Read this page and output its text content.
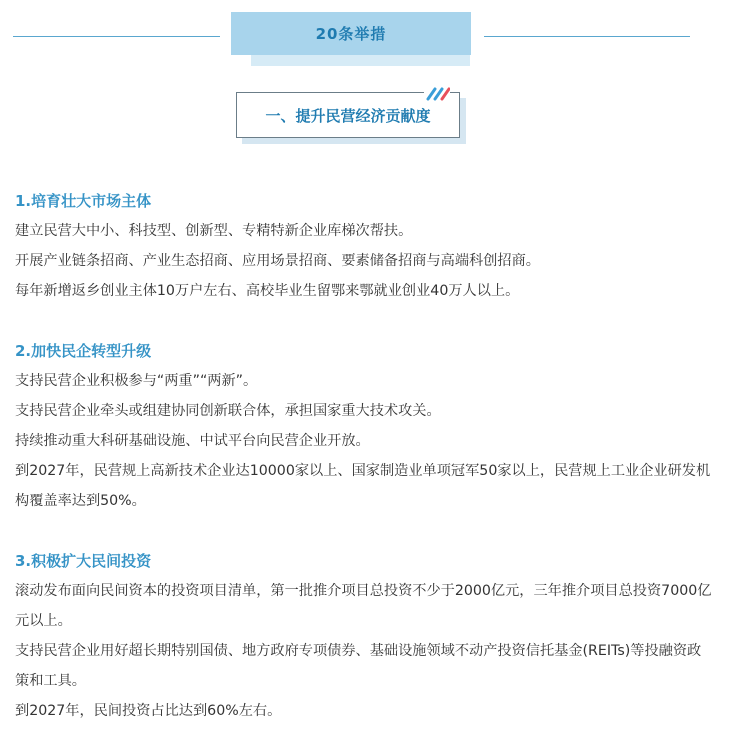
20条举措
一、提升民营经济贡献度

1.培育壮大市场主体

建立民营大中小、科技型、创新型、专精特新企业库梯次帮扶。

开展产业链条招商、产业生态招商、应用场景招商、要素储备招商与高端科创招商。

每年新增返乡创业主体10万户左右、高校毕业生留鄂来鄂就业创业40万人以上。

2.加快民企转型升级

支持民营企业积极参与“两重”“两新”。

支持民营企业牵头或组建协同创新联合体，承担国家重大技术攻关。

持续推动重大科研基础设施、中试平台向民营企业开放。

到2027年，民营规上高新技术企业达10000家以上、国家制造业单项冠军50家以上，民营规上工业企业研发机构覆盖率达到50%。

3.积极扩大民间投资

滚动发布面向民间资本的投资项目清单，第一批推介项目总投资不少于2000亿元，三年推介项目总投资7000亿元以上。

支持民营企业用好超长期特别国债、地方政府专项债券、基础设施领域不动产投资信托基金(REITs)等投融资政策和工具。

到2027年，民间投资占比达到60%左右。
